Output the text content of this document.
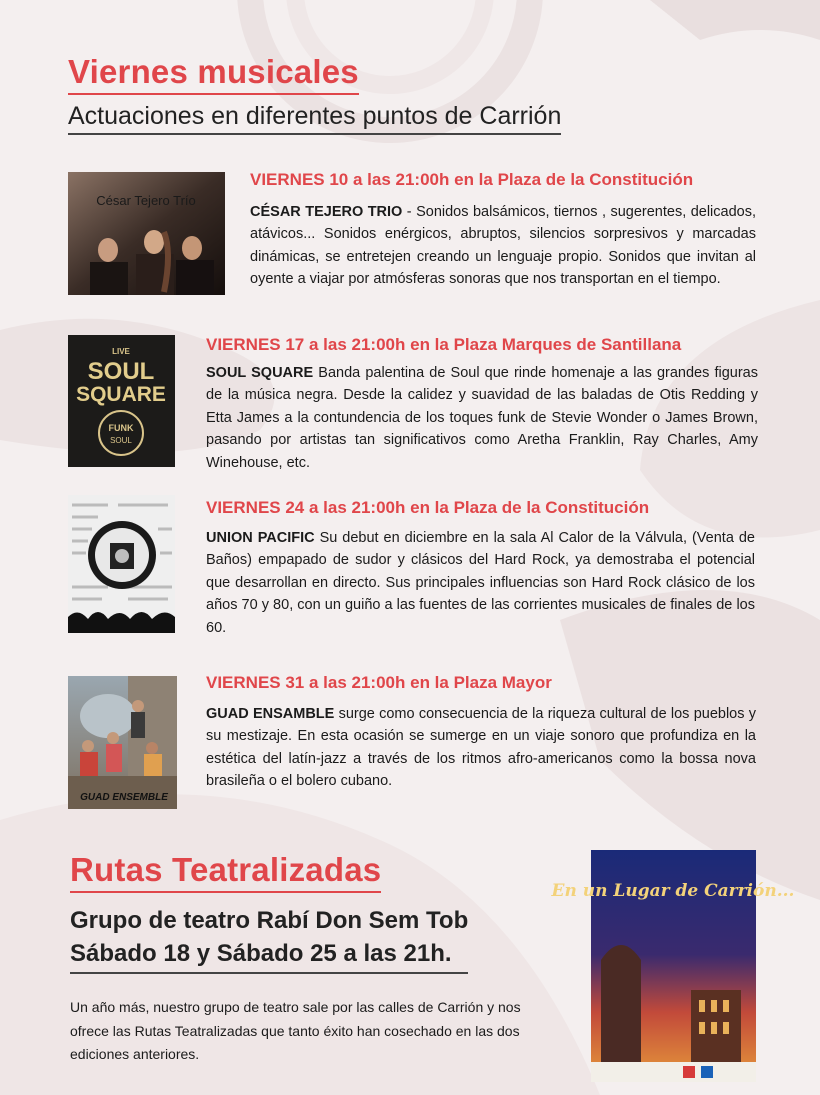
Viernes musicales
Actuaciones en diferentes puntos de Carrión
César Tejero Trío
VIERNES 10 a las 21:00h en la Plaza de la Constitución
CÉSAR TEJERO TRIO - Sonidos balsámicos, tiernos , sugerentes, delicados, atávicos... Sonidos enérgicos, abruptos, silencios sorpresivos y marcadas dinámicas, se entretejen creando un lenguaje propio. Sonidos que invitan al oyente a viajar por atmósferas sonoras que nos transportan en el tiempo.
LIVE
SOUL
SQUARE
FUNK
SOUL
VIERNES 17 a las 21:00h en la Plaza Marques de Santillana
SOUL SQUARE Banda palentina de Soul que rinde homenaje a las grandes figuras de la música negra. Desde la calidez y suavidad de las baladas de Otis Redding y Etta James a la contundencia de los toques funk de Stevie Wonder o James Brown, pasando por artistas tan significativos como Aretha Franklin, Ray Charles, Amy Winehouse, etc.
VIERNES 24 a las 21:00h en la Plaza de la Constitución
UNION PACIFIC Su debut en diciembre en la sala Al Calor de la Válvula, (Venta de Baños) empapado de sudor y clásicos del Hard Rock, ya demostraba el potencial que desarrollan en directo. Sus principales influencias son Hard Rock clásico de los años 70 y 80, con un guiño a las fuentes de las corrientes musicales de finales de los 60.
GUAD ENSEMBLE
VIERNES 31 a las 21:00h en la Plaza Mayor
GUAD ENSAMBLE surge como consecuencia de la riqueza cultural de los pueblos y su mestizaje. En esta ocasión se sumerge en un viaje sonoro que profundiza en la estética del latín-jazz a través de los ritmos afro-americanos como la bossa nova brasileña o el bolero cubano.
Rutas Teatralizadas
Grupo de teatro Rabí Don Sem Tob
Sábado 18 y Sábado 25 a las 21h.
Un año más, nuestro grupo de teatro sale por las calles de Carrión y nos ofrece las Rutas Teatralizadas que tanto éxito han cosechado en las dos ediciones anteriores.
En un Lugar de Carrión...
